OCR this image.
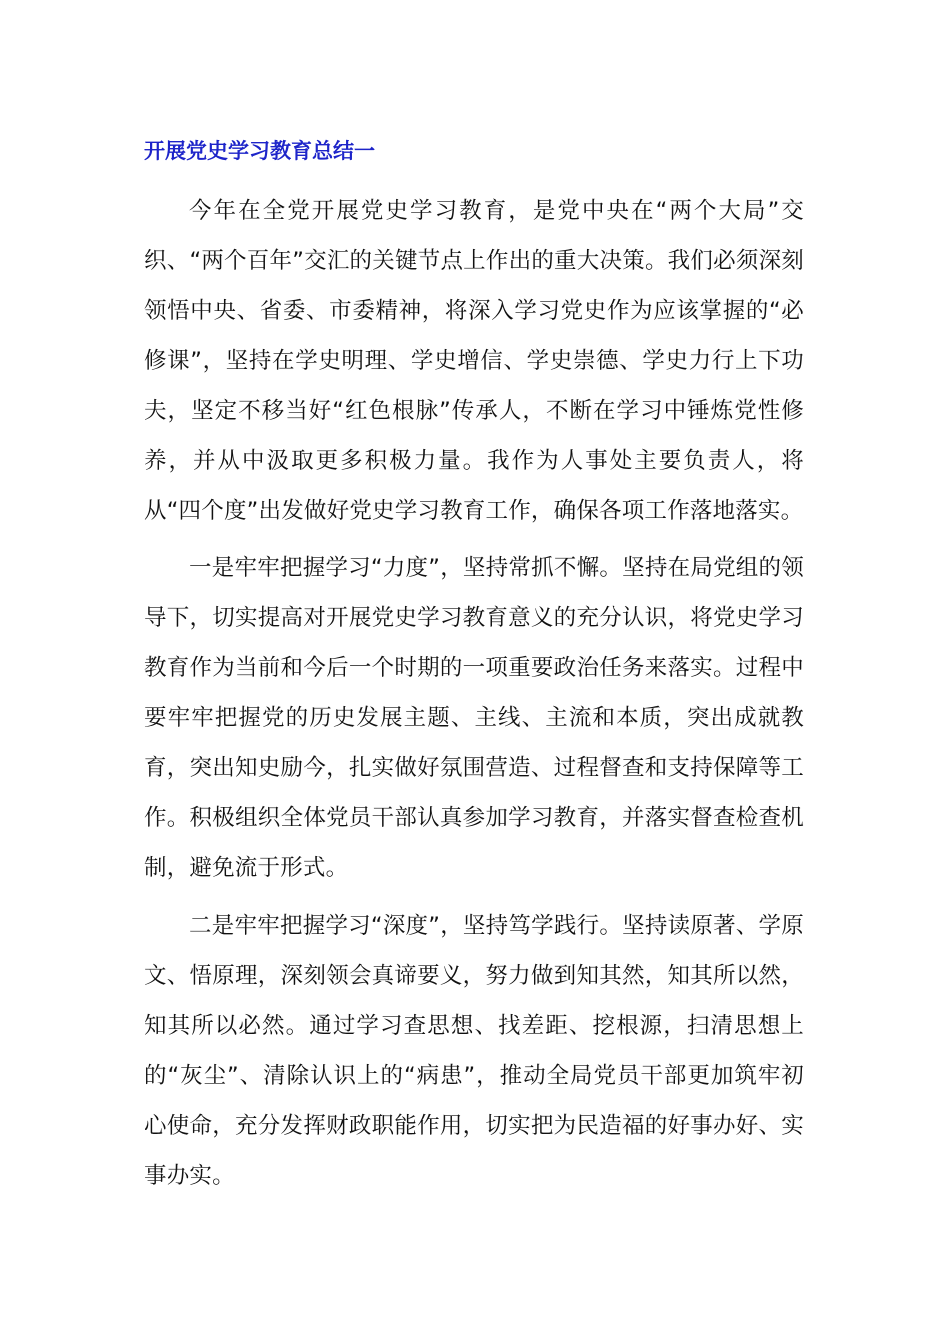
开展党史学习教育总结一

今年在全党开展党史学习教育，是党中央在“两个大局”交织、“两个百年”交汇的关键节点上作出的重大决策。我们必须深刻领悟中央、省委、市委精神，将深入学习党史作为应该掌握的“必修课”，坚持在学史明理、学史增信、学史崇德、学史力行上下功夫，坚定不移当好“红色根脉”传承人，不断在学习中锤炼党性修养，并从中汲取更多积极力量。我作为人事处主要负责人，将从“四个度”出发做好党史学习教育工作，确保各项工作落地落实。

一是牢牢把握学习“力度”，坚持常抓不懈。坚持在局党组的领导下，切实提高对开展党史学习教育意义的充分认识，将党史学习教育作为当前和今后一个时期的一项重要政治任务来落实。过程中要牢牢把握党的历史发展主题、主线、主流和本质，突出成就教育，突出知史励今，扎实做好氛围营造、过程督查和支持保障等工作。积极组织全体党员干部认真参加学习教育，并落实督查检查机制，避免流于形式。

二是牢牢把握学习“深度”，坚持笃学践行。坚持读原著、学原文、悟原理，深刻领会真谛要义，努力做到知其然，知其所以然，知其所以必然。通过学习查思想、找差距、挖根源，扫清思想上的“灰尘”、清除认识上的“病患”，推动全局党员干部更加筑牢初心使命，充分发挥财政职能作用，切实把为民造福的好事办好、实事办实。
